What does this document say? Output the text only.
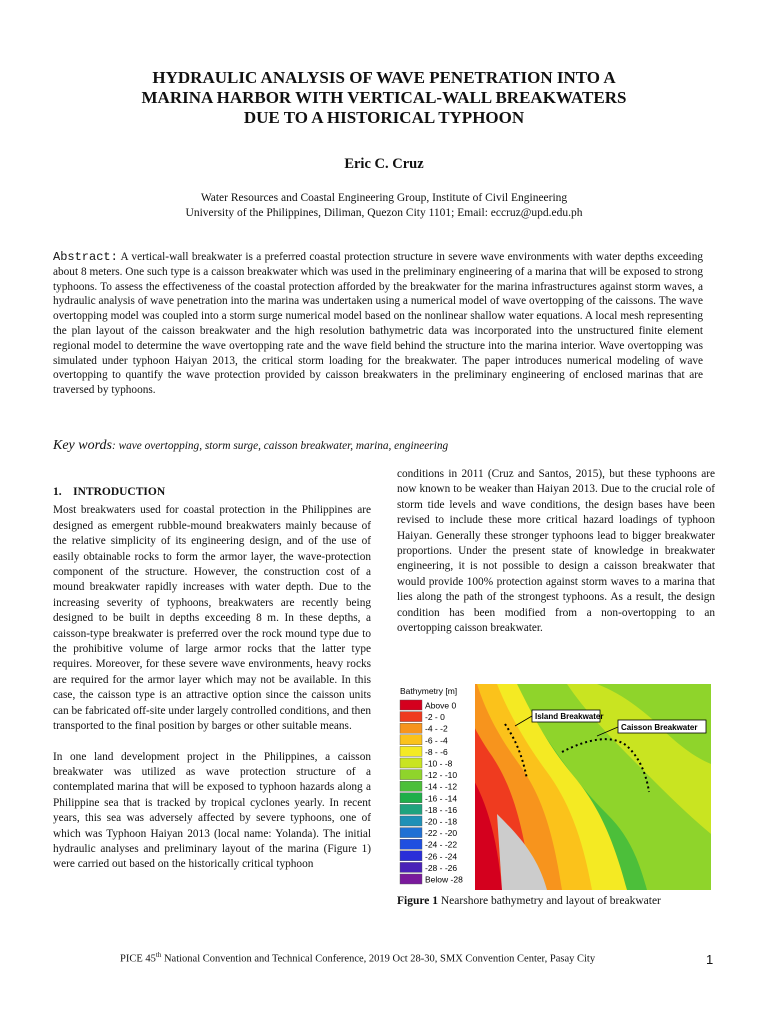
HYDRAULIC ANALYSIS OF WAVE PENETRATION INTO A
MARINA HARBOR WITH VERTICAL-WALL BREAKWATERS
DUE TO A HISTORICAL TYPHOON
Eric C. Cruz
Water Resources and Coastal Engineering Group, Institute of Civil Engineering
University of the Philippines, Diliman, Quezon City 1101; Email: eccruz@upd.edu.ph
Abstract: A vertical-wall breakwater is a preferred coastal protection structure in severe wave environments with water depths exceeding about 8 meters. One such type is a caisson breakwater which was used in the preliminary engineering of a marina that will be exposed to strong typhoons. To assess the effectiveness of the coastal protection afforded by the breakwater for the marina infrastructures against storm waves, a hydraulic analysis of wave penetration into the marina was undertaken using a numerical model of wave overtopping of the caissons. The wave overtopping model was coupled into a storm surge numerical model based on the nonlinear shallow water equations. A local mesh representing the plan layout of the caisson breakwater and the high resolution bathymetric data was incorporated into the unstructured finite element regional model to determine the wave overtopping rate and the wave field behind the structure into the marina interior. Wave overtopping was simulated under typhoon Haiyan 2013, the critical storm loading for the breakwater. The paper introduces numerical modeling of wave overtopping to quantify the wave protection provided by caisson breakwaters in the preliminary engineering of enclosed marinas that are traversed by typhoons.
Key words: wave overtopping, storm surge, caisson breakwater, marina, engineering

1.    INTRODUCTION

Most breakwaters used for coastal protection in the Philippines are designed as emergent rubble-mound breakwaters mainly because of the relative simplicity of its engineering design, and of the use of easily obtainable rocks to form the armor layer, the wave-protection component of the structure. However, the construction cost of a mound breakwater rapidly increases with water depth. Due to the increasing severity of typhoons, breakwaters are recently being designed to be built in depths exceeding 8 m. In these depths, a caisson-type breakwater is preferred over the rock mound type due to the prohibitive volume of large armor rocks that the latter type requires. Moreover, for these severe wave environments, heavy rocks are required for the armor layer which may not be available. In this case, the caisson type is an attractive option since the caisson units can be fabricated off-site under largely controlled conditions, and then transported to the final position by barges or other suitable means.

In one land development project in the Philippines, a caisson breakwater was utilized as wave protection structure of a contemplated marina that will be exposed to typhoon hazards along a Philippine sea that is tracked by tropical cyclones yearly. In recent years, this sea was adversely affected by severe typhoons, one of which was Typhoon Haiyan 2013 (local name: Yolanda). The initial hydraulic analyses and preliminary layout of the marina (Figure 1) were carried out based on the historically critical typhoon

conditions in 2011 (Cruz and Santos, 2015), but these typhoons are now known to be weaker than Haiyan 2013. Due to the crucial role of storm tide levels and wave conditions, the design bases have been revised to include these more critical hazard loadings of typhoon Haiyan. Generally these stronger typhoons lead to bigger breakwater proportions. Under the present state of knowledge in breakwater engineering, it is not possible to design a caisson breakwater that would provide 100% protection against storm waves to a marina that lies along the path of the strongest typhoons. As a result, the design condition has been modified from a non-overtopping to an overtopping caisson breakwater.

Bathymetry [m]
Above 0
-2 - 0
-4 - -2
-6 - -4
-8 - -6
-10 - -8
-12 - -10
-14 - -12
-16 - -14
-18 - -16
-20 - -18
-22 - -20
-24 - -22
-26 - -24
-28 - -26
Below -28
Island Breakwater
Caisson Breakwater
Figure 1 Nearshore bathymetry and layout of breakwater
PICE 45th National Convention and Technical Conference, 2019 Oct 28-30, SMX Convention Center, Pasay City	1
